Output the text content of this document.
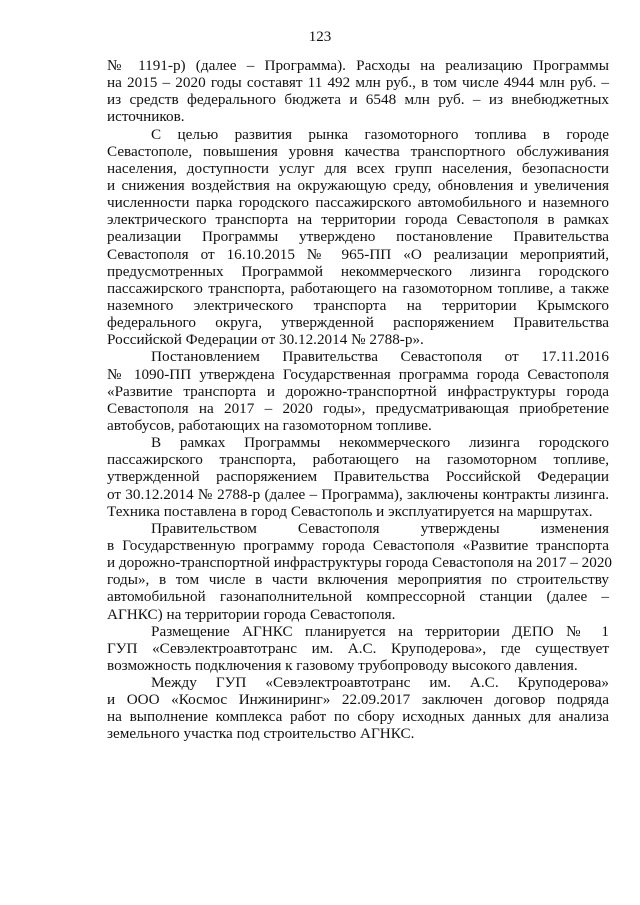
123
№ 1191-р) (далее – Программа). Расходы на реализацию Программы
на 2015 – 2020 годы составят 11 492 млн руб., в том числе 4944 млн руб. –
из средств федерального бюджета и 6548 млн руб. – из внебюджетных
источников.
С целью развития рынка газомоторного топлива в городе
Севастополе, повышения уровня качества транспортного обслуживания
населения, доступности услуг для всех групп населения, безопасности
и снижения воздействия на окружающую среду, обновления и увеличения
численности парка городского пассажирского автомобильного и наземного
электрического транспорта на территории города Севастополя в рамках
реализации Программы утверждено постановление Правительства
Севастополя от 16.10.2015 № 965-ПП «О реализации мероприятий,
предусмотренных Программой некоммерческого лизинга городского
пассажирского транспорта, работающего на газомоторном топливе, а также
наземного электрического транспорта на территории Крымского
федерального округа, утвержденной распоряжением Правительства
Российской Федерации от 30.12.2014 № 2788-р».
Постановлением Правительства Севастополя от 17.11.2016
№ 1090-ПП утверждена Государственная программа города Севастополя
«Развитие транспорта и дорожно-транспортной инфраструктуры города
Севастополя на 2017 – 2020 годы», предусматривающая приобретение
автобусов, работающих на газомоторном топливе.
В рамках Программы некоммерческого лизинга городского
пассажирского транспорта, работающего на газомоторном топливе,
утвержденной распоряжением Правительства Российской Федерации
от 30.12.2014 № 2788-р (далее – Программа), заключены контракты лизинга.
Техника поставлена в город Севастополь и эксплуатируется на маршрутах.
Правительством Севастополя утверждены изменения
в Государственную программу города Севастополя «Развитие транспорта
и дорожно-транспортной инфраструктуры города Севастополя на 2017 – 2020
годы», в том числе в части включения мероприятия по строительству
автомобильной газонаполнительной компрессорной станции (далее –
АГНКС) на территории города Севастополя.
Размещение АГНКС планируется на территории ДЕПО № 1
ГУП «Севэлектроавтотранс им. А.С. Круподерова», где существует
возможность подключения к газовому трубопроводу высокого давления.
Между ГУП «Севэлектроавтотранс им. А.С. Круподерова»
и ООО «Космос Инжиниринг» 22.09.2017 заключен договор подряда
на выполнение комплекса работ по сбору исходных данных для анализа
земельного участка под строительство АГНКС.
